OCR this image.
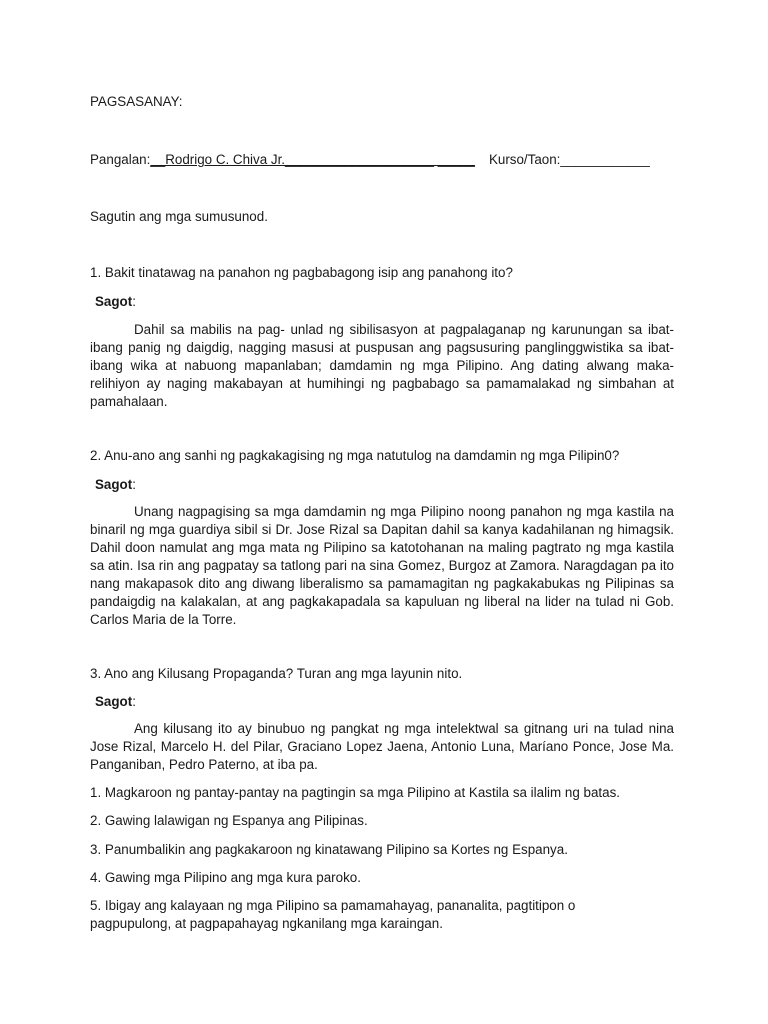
PAGSASANAY:
Pangalan:__Rodrigo C. Chiva Jr.____________________ _____ Kurso/Taon:____________
Sagutin ang mga sumusunod.
1. Bakit tinatawag na panahon ng pagbabagong isip ang panahong ito?
Sagot:
Dahil sa mabilis na pag- unlad ng sibilisasyon at pagpalaganap ng karunungan sa ibat-ibang panig ng daigdig, nagging masusi at puspusan ang pagsusuring panglinggwistika sa ibat-ibang wika at nabuong mapanlaban; damdamin ng mga Pilipino. Ang dating alwang maka-relihiyon ay naging makabayan at humihingi ng pagbabago sa pamamalakad ng simbahan at pamahalaan.
2. Anu-ano ang sanhi ng pagkakagising ng mga natutulog na damdamin ng mga Pilipin0?
Sagot:
Unang nagpagising sa mga damdamin ng mga Pilipino noong panahon ng mga kastila na binaril ng mga guardiya sibil si Dr. Jose Rizal sa Dapitan dahil sa kanya kadahilanan ng himagsik. Dahil doon namulat ang mga mata ng Pilipino sa katotohanan na maling pagtrato ng mga kastila sa atin. Isa rin ang pagpatay sa tatlong pari na sina Gomez, Burgoz at Zamora. Naragdagan pa ito nang makapasok dito ang diwang liberalismo sa pamamagitan ng pagkakabukas ng Pilipinas sa pandaigdig na kalakalan, at ang pagkakapadala sa kapuluan ng liberal na lider na tulad ni Gob. Carlos Maria de la Torre.
3. Ano ang Kilusang Propaganda? Turan ang mga layunin nito.
Sagot:
Ang kilusang ito ay binubuo ng pangkat ng mga intelektwal sa gitnang uri na tulad nina Jose Rizal, Marcelo H. del Pilar, Graciano Lopez Jaena, Antonio Luna, Maríano Ponce, Jose Ma. Panganiban, Pedro Paterno, at iba pa.
1. Magkaroon ng pantay-pantay na pagtingin sa mga Pilipino at Kastila sa ilalim ng batas.
2. Gawing lalawigan ng Espanya ang Pilipinas.
3. Panumbalikin ang pagkakaroon ng kinatawang Pilipino sa Kortes ng Espanya.
4. Gawing mga Pilipino ang mga kura paroko.
5. Ibigay ang kalayaan ng mga Pilipino sa pamamahayag, pananalita, pagtitipon o pagpupulong, at pagpapahayag ngkanilang mga karaingan.
